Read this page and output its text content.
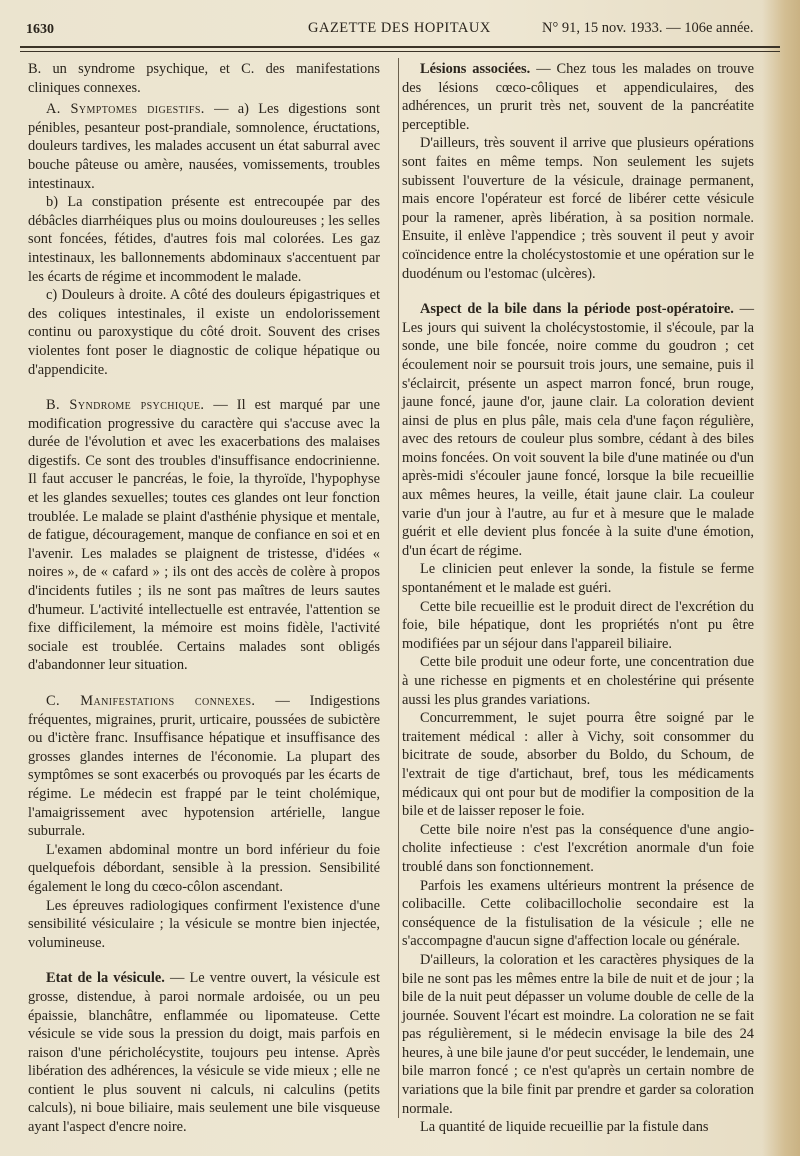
1630	GAZETTE DES HOPITAUX	N° 91, 15 nov. 1933. — 106e année.

B. un syndrome psychique, et C. des manifestations cliniques connexes.

A. Symptomes digestifs. — a) Les digestions sont pénibles, pesanteur post-prandiale, somnolence, éructations, douleurs tardives, les malades accusent un état saburral avec bouche pâteuse ou amère, nausées, vomissements, troubles intestinaux.

b) La constipation présente est entrecoupée par des débâcles diarrhéiques plus ou moins douloureuses ; les selles sont foncées, fétides, d'autres fois mal colorées. Les gaz intestinaux, les ballonnements abdominaux s'accentuent par les écarts de régime et incommodent le malade.

c) Douleurs à droite. A côté des douleurs épigastriques et des coliques intestinales, il existe un endolorissement continu ou paroxystique du côté droit. Souvent des crises violentes font poser le diagnostic de colique hépatique ou d'appendicite.

B. Syndrome psychique. — Il est marqué par une modification progressive du caractère qui s'accuse avec la durée de l'évolution et avec les exacerbations des malaises digestifs. Ce sont des troubles d'insuffisance endocrinienne. Il faut accuser le pancréas, le foie, la thyroïde, l'hypophyse et les glandes sexuelles; toutes ces glandes ont leur fonction troublée. Le malade se plaint d'asthénie physique et mentale, de fatigue, découragement, manque de confiance en soi et en l'avenir. Les malades se plaignent de tristesse, d'idées « noires », de « cafard » ; ils ont des accès de colère à propos d'incidents futiles ; ils ne sont pas maîtres de leurs sautes d'humeur. L'activité intellectuelle est entravée, l'attention se fixe difficilement, la mémoire est moins fidèle, l'activité sociale est troublée. Certains malades sont obligés d'abandonner leur situation.

C. Manifestations connexes. — Indigestions fréquentes, migraines, prurit, urticaire, poussées de subictère ou d'ictère franc. Insuffisance hépatique et insuffisance des grosses glandes internes de l'économie. La plupart des symptômes se sont exacerbés ou provoqués par les écarts de régime. Le médecin est frappé par le teint cholémique, l'amaigrissement avec hypotension artérielle, langue suburrale.

L'examen abdominal montre un bord inférieur du foie quelquefois débordant, sensible à la pression. Sensibilité également le long du cœco-côlon ascendant.

Les épreuves radiologiques confirment l'existence d'une sensibilité vésiculaire ; la vésicule se montre bien injectée, volumineuse.

Etat de la vésicule. — Le ventre ouvert, la vésicule est grosse, distendue, à paroi normale ardoisée, ou un peu épaissie, blanchâtre, enflammée ou lipomateuse. Cette vésicule se vide sous la pression du doigt, mais parfois en raison d'une péricholécystite, toujours peu intense. Après libération des adhérences, la vésicule se vide mieux ; elle ne contient le plus souvent ni calculs, ni calculins (petits calculs), ni boue biliaire, mais seulement une bile visqueuse ayant l'aspect d'encre noire.

Lésions associées. — Chez tous les malades on trouve des lésions cœco-côliques et appendiculaires, des adhérences, un prurit très net, souvent de la pancréatite perceptible.

D'ailleurs, très souvent il arrive que plusieurs opérations sont faites en même temps. Non seulement les sujets subissent l'ouverture de la vésicule, drainage permanent, mais encore l'opérateur est forcé de libérer cette vésicule pour la ramener, après libération, à sa position normale. Ensuite, il enlève l'appendice ; très souvent il peut y avoir coïncidence entre la cholécystostomie et une opération sur le duodénum ou l'estomac (ulcères).

Aspect de la bile dans la période post-opératoire. — Les jours qui suivent la cholécystostomie, il s'écoule, par la sonde, une bile foncée, noire comme du goudron ; cet écoulement noir se poursuit trois jours, une semaine, puis il s'éclaircit, présente un aspect marron foncé, brun rouge, jaune foncé, jaune d'or, jaune clair. La coloration devient ainsi de plus en plus pâle, mais cela d'une façon régulière, avec des retours de couleur plus sombre, cédant à des biles moins foncées. On voit souvent la bile d'une matinée ou d'un après-midi s'écouler jaune foncé, lorsque la bile recueillie aux mêmes heures, la veille, était jaune clair. La couleur varie d'un jour à l'autre, au fur et à mesure que le malade guérit et elle devient plus foncée à la suite d'une émotion, d'un écart de régime.

Le clinicien peut enlever la sonde, la fistule se ferme spontanément et le malade est guéri.

Cette bile recueillie est le produit direct de l'excrétion du foie, bile hépatique, dont les propriétés n'ont pu être modifiées par un séjour dans l'appareil biliaire.

Cette bile produit une odeur forte, une concentration due à une richesse en pigments et en cholestérine qui présente aussi les plus grandes variations.

Concurremment, le sujet pourra être soigné par le traitement médical : aller à Vichy, soit consommer du bicitrate de soude, absorber du Boldo, du Schoum, de l'extrait de tige d'artichaut, bref, tous les médicaments médicaux qui ont pour but de modifier la composition de la bile et de laisser reposer le foie.

Cette bile noire n'est pas la conséquence d'une angio-cholite infectieuse : c'est l'excrétion anormale d'un foie troublé dans son fonctionnement.

Parfois les examens ultérieurs montrent la présence de colibacille. Cette colibacillocholie secondaire est la conséquence de la fistulisation de la vésicule ; elle ne s'accompagne d'aucun signe d'affection locale ou générale.

D'ailleurs, la coloration et les caractères physiques de la bile ne sont pas les mêmes entre la bile de nuit et de jour ; la bile de la nuit peut dépasser un volume double de celle de la journée. Souvent l'écart est moindre. La coloration ne se fait pas régulièrement, si le médecin envisage la bile des 24 heures, à une bile jaune d'or peut succéder, le lendemain, une bile marron foncé ; ce n'est qu'après un certain nombre de variations que la bile finit par prendre et garder sa coloration normale.

La quantité de liquide recueillie par la fistule dans
